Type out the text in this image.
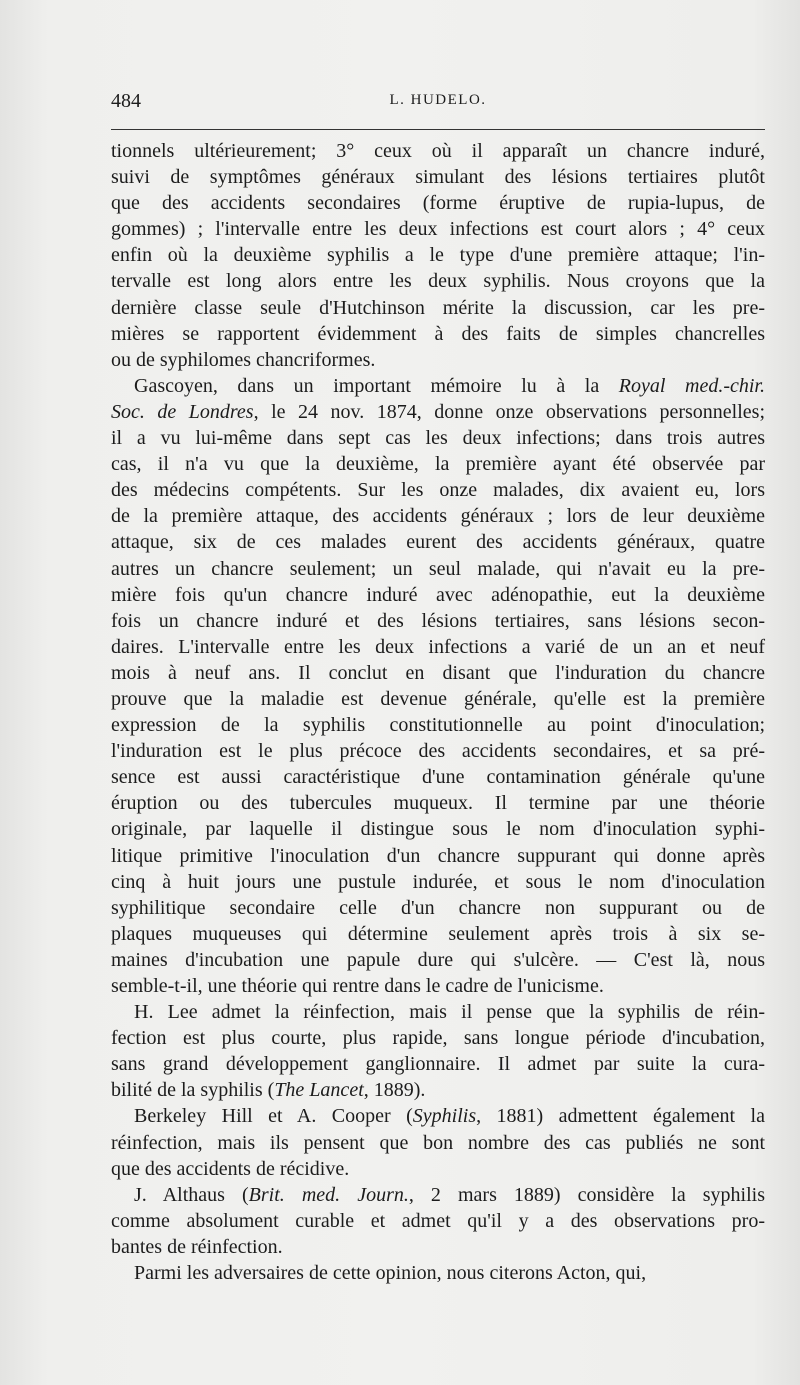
484	L. HUDELO.
tionnels ultérieurement; 3° ceux où il apparaît un chancre induré,
suivi de symptômes généraux simulant des lésions tertiaires plutôt
que des accidents secondaires (forme éruptive de rupia-lupus, de
gommes) ; l'intervalle entre les deux infections est court alors ; 4° ceux
enfin où la deuxième syphilis a le type d'une première attaque; l'in-
tervalle est long alors entre les deux syphilis. Nous croyons que la
dernière classe seule d'Hutchinson mérite la discussion, car les pre-
mières se rapportent évidemment à des faits de simples chancrelles
ou de syphilomes chancriformes.
Gascoyen, dans un important mémoire lu à la Royal med.-chir.
Soc. de Londres, le 24 nov. 1874, donne onze observations personnelles;
il a vu lui-même dans sept cas les deux infections; dans trois autres
cas, il n'a vu que la deuxième, la première ayant été observée par
des médecins compétents. Sur les onze malades, dix avaient eu, lors
de la première attaque, des accidents généraux ; lors de leur deuxième
attaque, six de ces malades eurent des accidents généraux, quatre
autres un chancre seulement; un seul malade, qui n'avait eu la pre-
mière fois qu'un chancre induré avec adénopathie, eut la deuxième
fois un chancre induré et des lésions tertiaires, sans lésions secon-
daires. L'intervalle entre les deux infections a varié de un an et neuf
mois à neuf ans. Il conclut en disant que l'induration du chancre
prouve que la maladie est devenue générale, qu'elle est la première
expression de la syphilis constitutionnelle au point d'inoculation;
l'induration est le plus précoce des accidents secondaires, et sa pré-
sence est aussi caractéristique d'une contamination générale qu'une
éruption ou des tubercules muqueux. Il termine par une théorie
originale, par laquelle il distingue sous le nom d'inoculation syphi-
litique primitive l'inoculation d'un chancre suppurant qui donne après
cinq à huit jours une pustule indurée, et sous le nom d'inoculation
syphilitique secondaire celle d'un chancre non suppurant ou de
plaques muqueuses qui détermine seulement après trois à six se-
maines d'incubation une papule dure qui s'ulcère. — C'est là, nous
semble-t-il, une théorie qui rentre dans le cadre de l'unicisme.
H. Lee admet la réinfection, mais il pense que la syphilis de réin-
fection est plus courte, plus rapide, sans longue période d'incubation,
sans grand développement ganglionnaire. Il admet par suite la cura-
bilité de la syphilis (The Lancet, 1889).
Berkeley Hill et A. Cooper (Syphilis, 1881) admettent également la
réinfection, mais ils pensent que bon nombre des cas publiés ne sont
que des accidents de récidive.
J. Althaus (Brit. med. Journ., 2 mars 1889) considère la syphilis
comme absolument curable et admet qu'il y a des observations pro-
bantes de réinfection.
Parmi les adversaires de cette opinion, nous citerons Acton, qui,
